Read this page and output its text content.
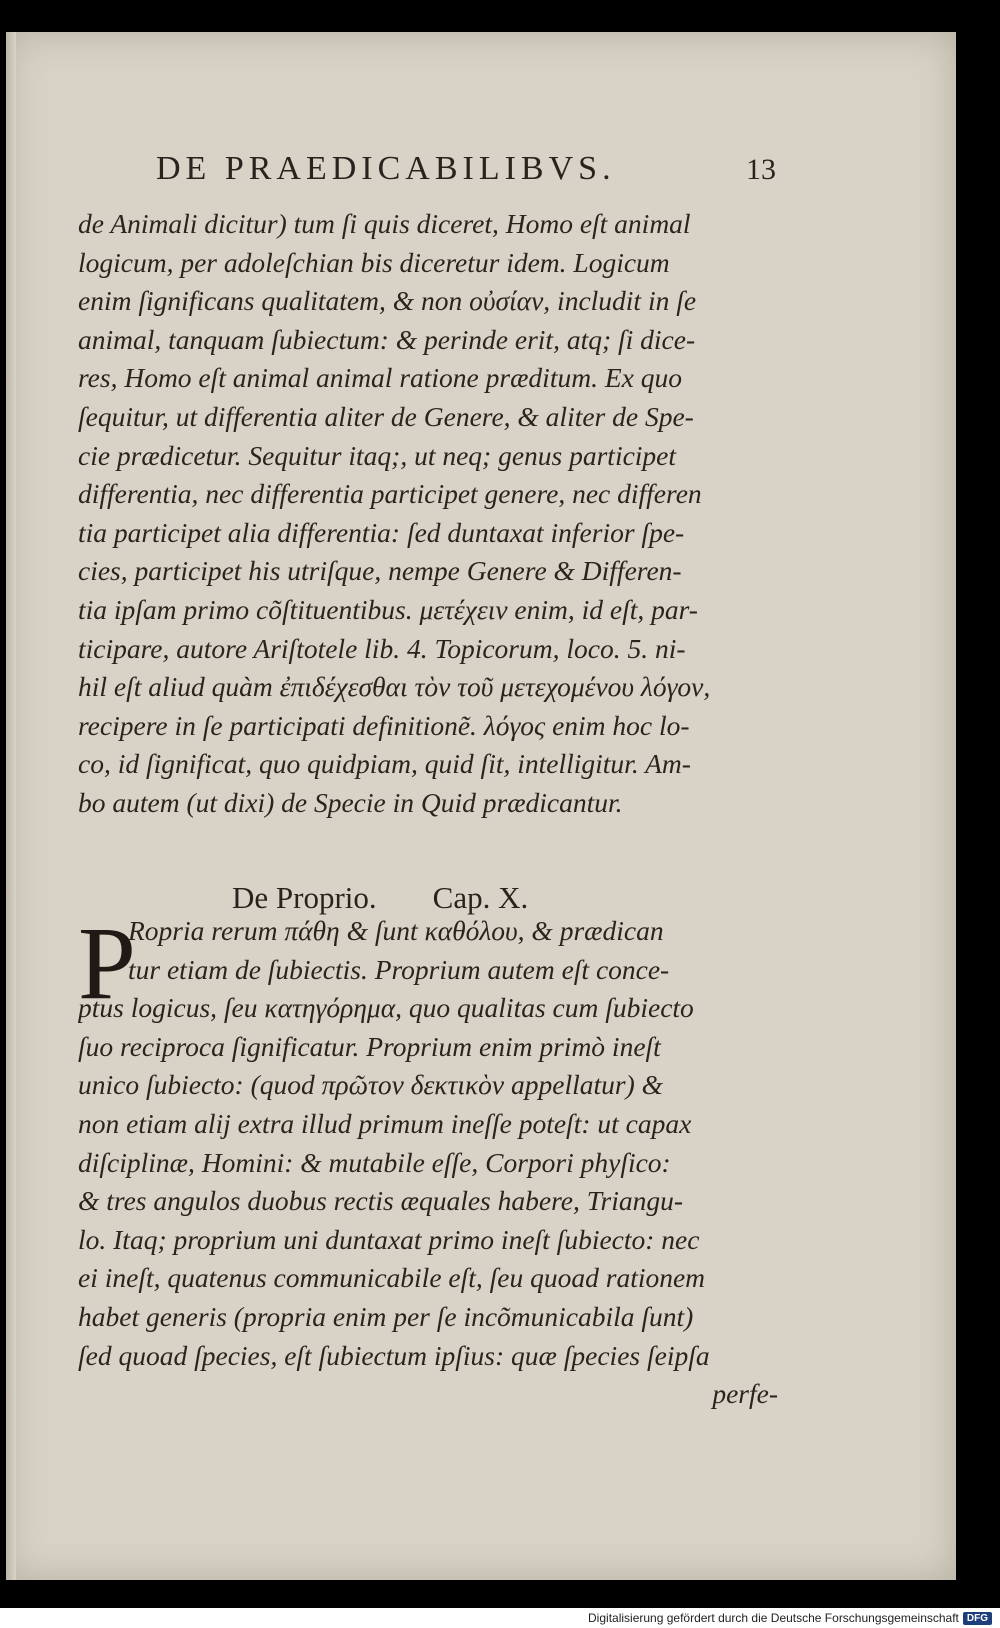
DE PRAEDICABILIBVS.	13
de Animali dicitur) tum ſi quis diceret, Homo eſt animal
logicum, per adoleſchian bis diceretur idem. Logicum
enim ſignificans qualitatem, & non οὐσίαν, includit in ſe
animal, tanquam ſubiectum: & perinde erit, atq; ſi dice-
res, Homo eſt animal animal ratione præditum. Ex quo
ſequitur, ut differentia aliter de Genere, & aliter de Spe-
cie prædicetur. Sequitur itaq;, ut neq; genus participet
differentia, nec differentia participet genere, nec differen
tia participet alia differentia: ſed duntaxat inferior ſpe-
cies, participet his utriſque, nempe Genere & Differen-
tia ipſam primo cõſtituentibus. μετέχειν enim, id eſt, par-
ticipare, autore Ariſtotele lib. 4. Topicorum, loco. 5. ni-
hil eſt aliud quàm ἐπιδέχεσθαι τὸν τοῦ μετεχομένου λόγον,
recipere in ſe participati definitionẽ. λόγος enim hoc lo-
co, id ſignificat, quo quidpiam, quid ſit, intelligitur. Am-
bo autem (ut dixi) de Specie in Quid prædicantur.
De Proprio. Cap. X.
P
Ropria rerum πάθη & ſunt καθόλου, & prædican
tur etiam de ſubiectis. Proprium autem eſt conce-
ptus logicus, ſeu κατηγόρημα, quo qualitas cum ſubiecto
ſuo reciproca ſignificatur. Proprium enim primò ineſt
unico ſubiecto: (quod πρῶτον δεκτικὸν appellatur) &
non etiam alij extra illud primum ineſſe poteſt: ut capax
diſciplinæ, Homini: & mutabile eſſe, Corpori phyſico:
& tres angulos duobus rectis æquales habere, Triangu-
lo. Itaq; proprium uni duntaxat primo ineſt ſubiecto: nec
ei ineſt, quatenus communicabile eſt, ſeu quoad rationem
habet generis (propria enim per ſe incõmunicabila ſunt)
ſed quoad ſpecies, eſt ſubiectum ipſius: quæ ſpecies ſeipſa
perfe-
Digitalisierung gefördert durch die Deutsche Forschungsgemeinschaft DFG
